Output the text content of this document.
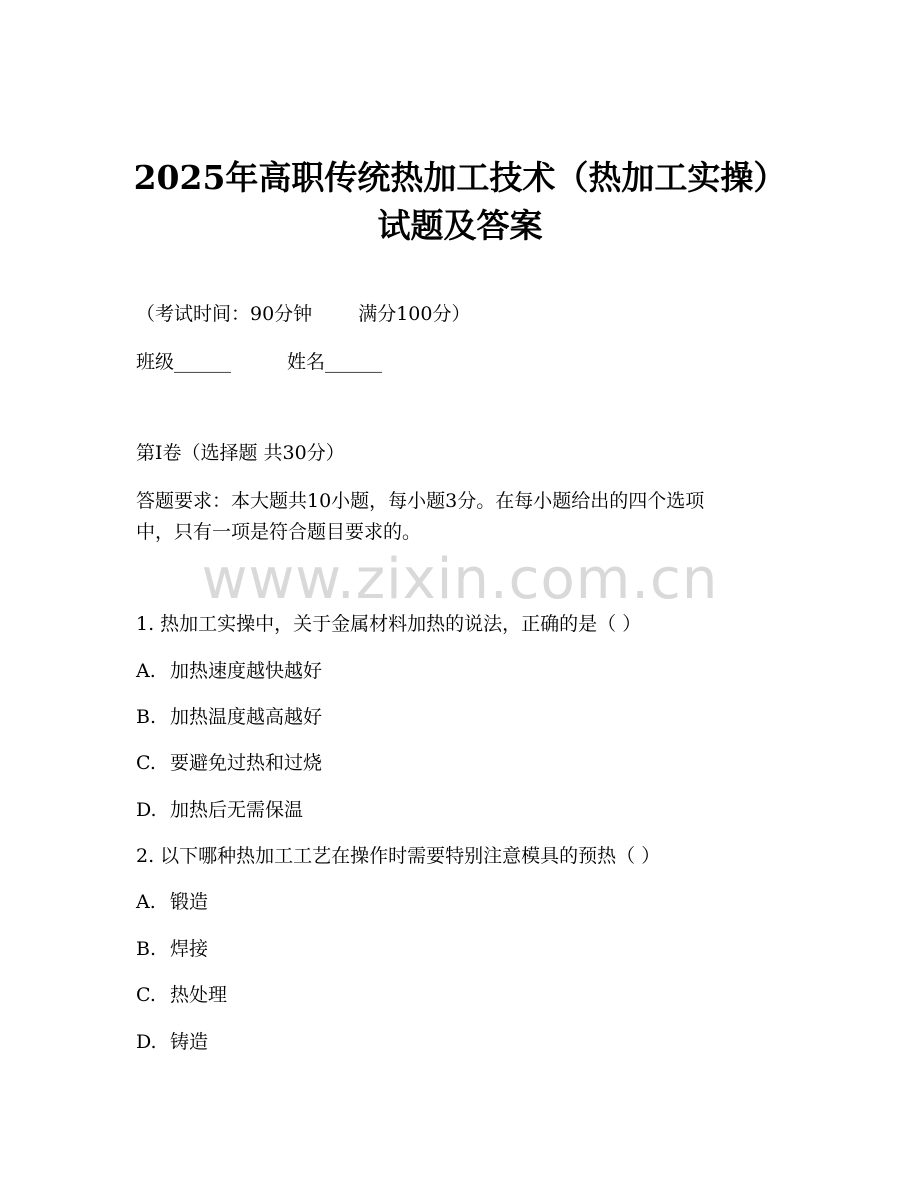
2025年高职传统热加工技术（热加工实操）
试题及答案
（考试时间：90分钟 满分100分）
班级______	姓名______
第I卷（选择题 共30分）
答题要求：本大题共10小题，每小题3分。在每小题给出的四个选项
中，只有一项是符合题目要求的。
www.zixin.com.cn
1. 热加工实操中，关于金属材料加热的说法，正确的是（ ）
A. 加热速度越快越好
B. 加热温度越高越好
C. 要避免过热和过烧
D. 加热后无需保温
2. 以下哪种热加工工艺在操作时需要特别注意模具的预热（ ）
A. 锻造
B. 焊接
C. 热处理
D. 铸造
